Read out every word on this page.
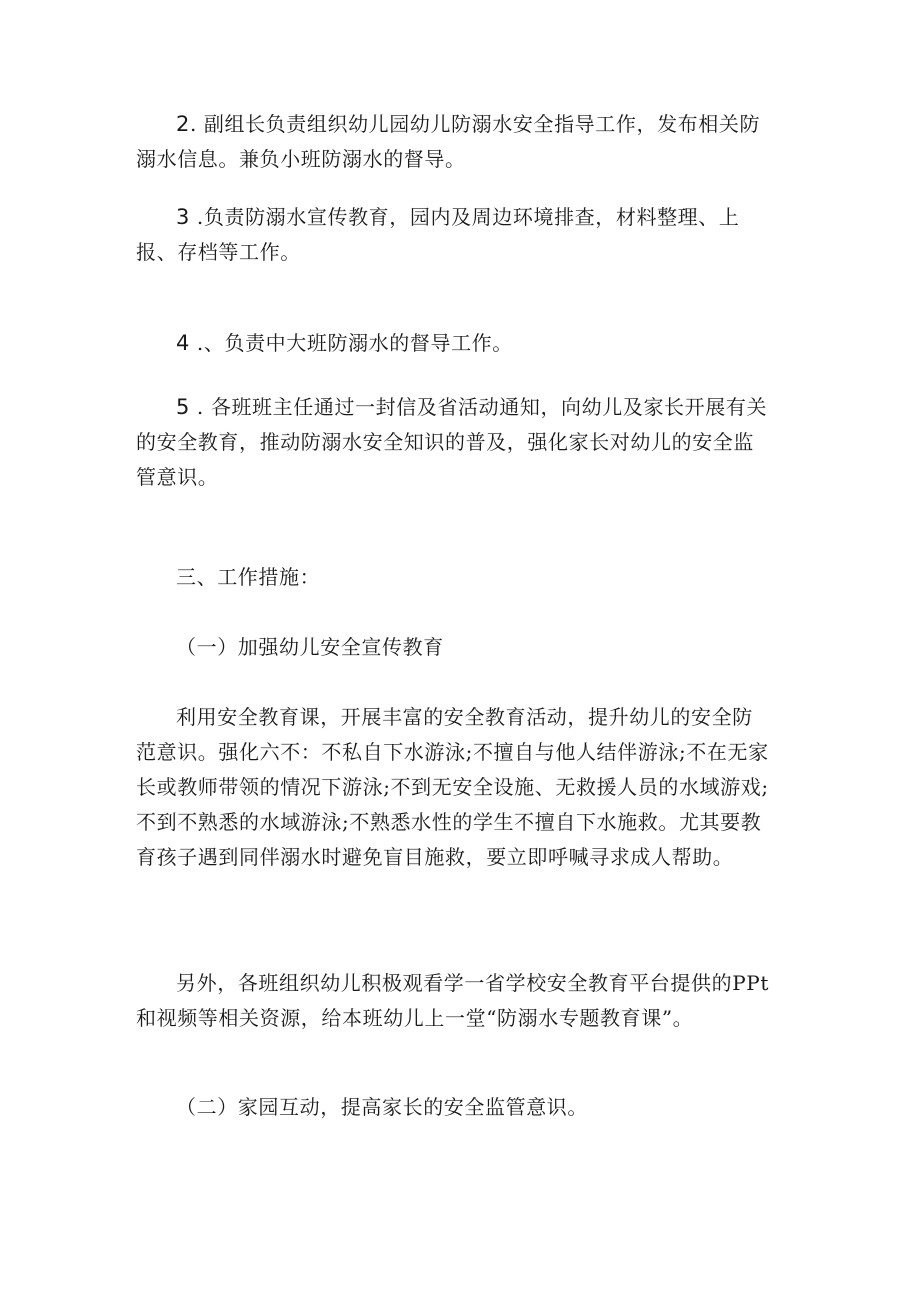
2. 副组长负责组织幼儿园幼儿防溺水安全指导工作，发布相关防溺水信息。兼负小班防溺水的督导。

3 .负责防溺水宣传教育，园内及周边环境排查，材料整理、上报、存档等工作。

4 .、负责中大班防溺水的督导工作。

5 . 各班班主任通过一封信及省活动通知，向幼儿及家长开展有关的安全教育，推动防溺水安全知识的普及，强化家长对幼儿的安全监管意识。

三、工作措施：

（一）加强幼儿安全宣传教育

利用安全教育课，开展丰富的安全教育活动，提升幼儿的安全防范意识。强化六不：不私自下水游泳;不擅自与他人结伴游泳;不在无家长或教师带领的情况下游泳;不到无安全设施、无救援人员的水域游戏;不到不熟悉的水域游泳;不熟悉水性的学生不擅自下水施救。尤其要教育孩子遇到同伴溺水时避免盲目施救，要立即呼喊寻求成人帮助。

另外，各班组织幼儿积极观看学一省学校安全教育平台提供的PPt和视频等相关资源，给本班幼儿上一堂“防溺水专题教育课”。

（二）家园互动，提高家长的安全监管意识。
